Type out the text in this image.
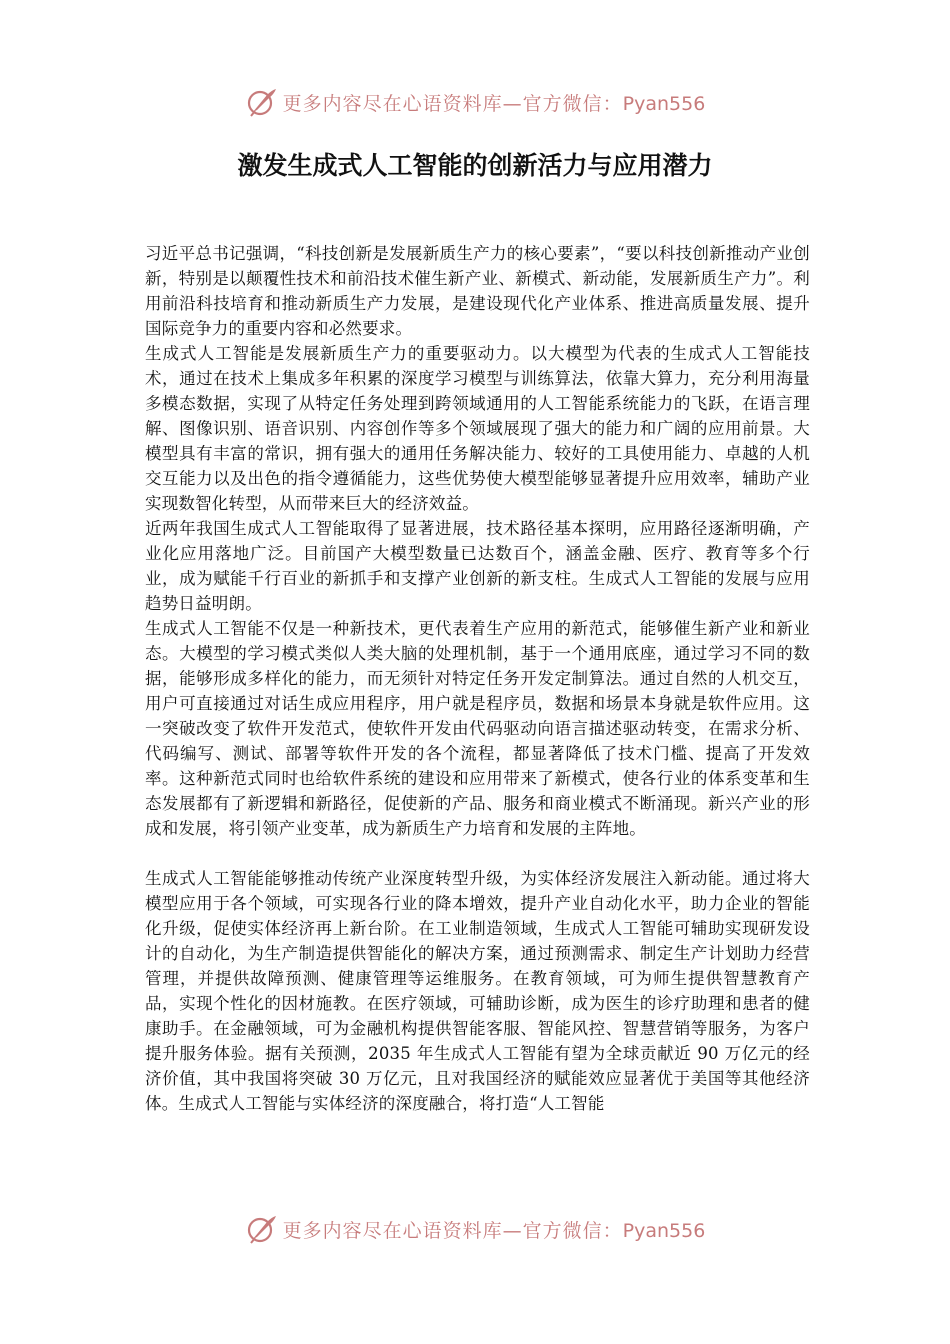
更多内容尽在心语资料库—官方微信：Pyan556
激发生成式人工智能的创新活力与应用潜力

习近平总书记强调，“科技创新是发展新质生产力的核心要素”，“要以科技创新推动产业创新，特别是以颠覆性技术和前沿技术催生新产业、新模式、新动能，发展新质生产力”。利用前沿科技培育和推动新质生产力发展，是建设现代化产业体系、推进高质量发展、提升国际竞争力的重要内容和必然要求。

生成式人工智能是发展新质生产力的重要驱动力。以大模型为代表的生成式人工智能技术，通过在技术上集成多年积累的深度学习模型与训练算法，依靠大算力，充分利用海量多模态数据，实现了从特定任务处理到跨领域通用的人工智能系统能力的飞跃，在语言理解、图像识别、语音识别、内容创作等多个领域展现了强大的能力和广阔的应用前景。大模型具有丰富的常识，拥有强大的通用任务解决能力、较好的工具使用能力、卓越的人机交互能力以及出色的指令遵循能力，这些优势使大模型能够显著提升应用效率，辅助产业实现数智化转型，从而带来巨大的经济效益。

近两年我国生成式人工智能取得了显著进展，技术路径基本探明，应用路径逐渐明确，产业化应用落地广泛。目前国产大模型数量已达数百个，涵盖金融、医疗、教育等多个行业，成为赋能千行百业的新抓手和支撑产业创新的新支柱。生成式人工智能的发展与应用趋势日益明朗。

生成式人工智能不仅是一种新技术，更代表着生产应用的新范式，能够催生新产业和新业态。大模型的学习模式类似人类大脑的处理机制，基于一个通用底座，通过学习不同的数据，能够形成多样化的能力，而无须针对特定任务开发定制算法。通过自然的人机交互，用户可直接通过对话生成应用程序，用户就是程序员，数据和场景本身就是软件应用。这一突破改变了软件开发范式，使软件开发由代码驱动向语言描述驱动转变，在需求分析、代码编写、测试、部署等软件开发的各个流程，都显著降低了技术门槛、提高了开发效率。这种新范式同时也给软件系统的建设和应用带来了新模式，使各行业的体系变革和生态发展都有了新逻辑和新路径，促使新的产品、服务和商业模式不断涌现。新兴产业的形成和发展，将引领产业变革，成为新质生产力培育和发展的主阵地。

生成式人工智能能够推动传统产业深度转型升级，为实体经济发展注入新动能。通过将大模型应用于各个领域，可实现各行业的降本增效，提升产业自动化水平，助力企业的智能化升级，促使实体经济再上新台阶。在工业制造领域，生成式人工智能可辅助实现研发设计的自动化，为生产制造提供智能化的解决方案，通过预测需求、制定生产计划助力经营管理，并提供故障预测、健康管理等运维服务。在教育领域，可为师生提供智慧教育产品，实现个性化的因材施教。在医疗领域，可辅助诊断，成为医生的诊疗助理和患者的健康助手。在金融领域，可为金融机构提供智能客服、智能风控、智慧营销等服务，为客户提升服务体验。据有关预测，2035 年生成式人工智能有望为全球贡献近 90 万亿元的经济价值，其中我国将突破 30 万亿元，且对我国经济的赋能效应显著优于美国等其他经济体。生成式人工智能与实体经济的深度融合，将打造“人工智能

更多内容尽在心语资料库—官方微信：Pyan556
